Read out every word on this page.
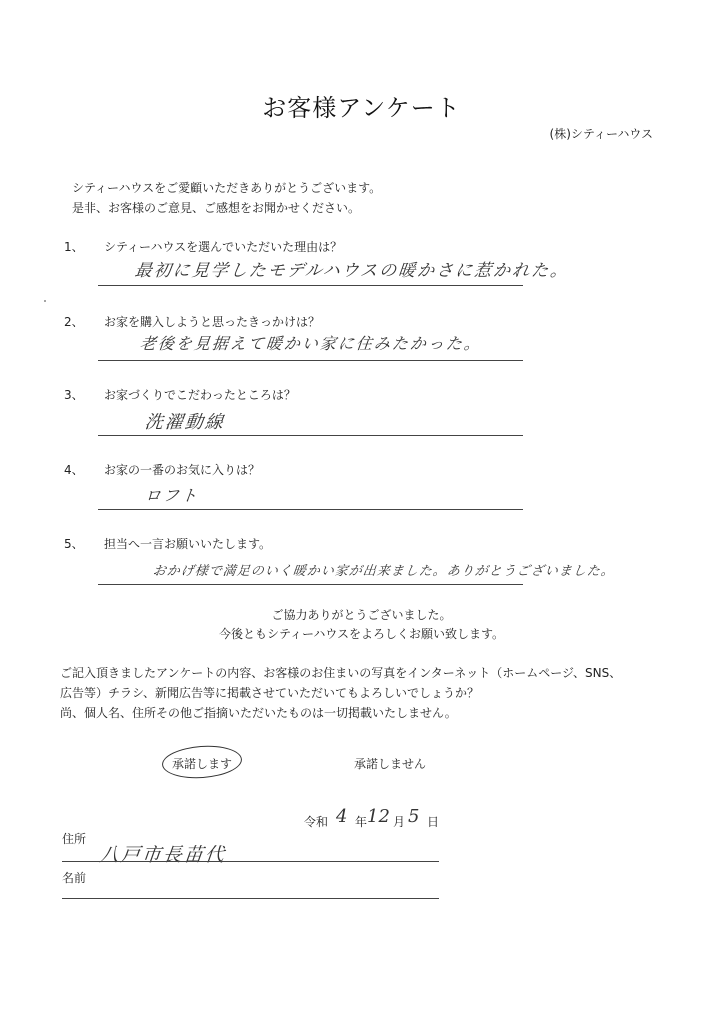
お客様アンケート
(株)シティーハウス
シティーハウスをご愛顧いただきありがとうございます。
是非、お客様のご意見、ご感想をお聞かせください。
1、 シティーハウスを選んでいただいた理由は？
最初に見学したモデルハウスの暖かさに惹かれた。
2、 お家を購入しようと思ったきっかけは？
老後を見据えて暖かい家に住みたかった。
3、 お家づくりでこだわったところは？
洗濯動線
4、 お家の一番のお気に入りは？
ロフト
5、 担当へ一言お願いいたします。
おかげ様で満足のいく暖かい家が出来ました。ありがとうございました。
ご協力ありがとうございました。
今後ともシティーハウスをよろしくお願い致します。
ご記入頂きましたアンケートの内容、お客様のお住まいの写真をインターネット（ホームページ、SNS、
広告等）チラシ、新聞広告等に掲載させていただいてもよろしいでしょうか？
尚、個人名、住所その他ご指摘いただいたものは一切掲載いたしません。
承諾します	承諾しません
令和 4 年 12 月 5 日
住所
八戸市長苗代
名前
